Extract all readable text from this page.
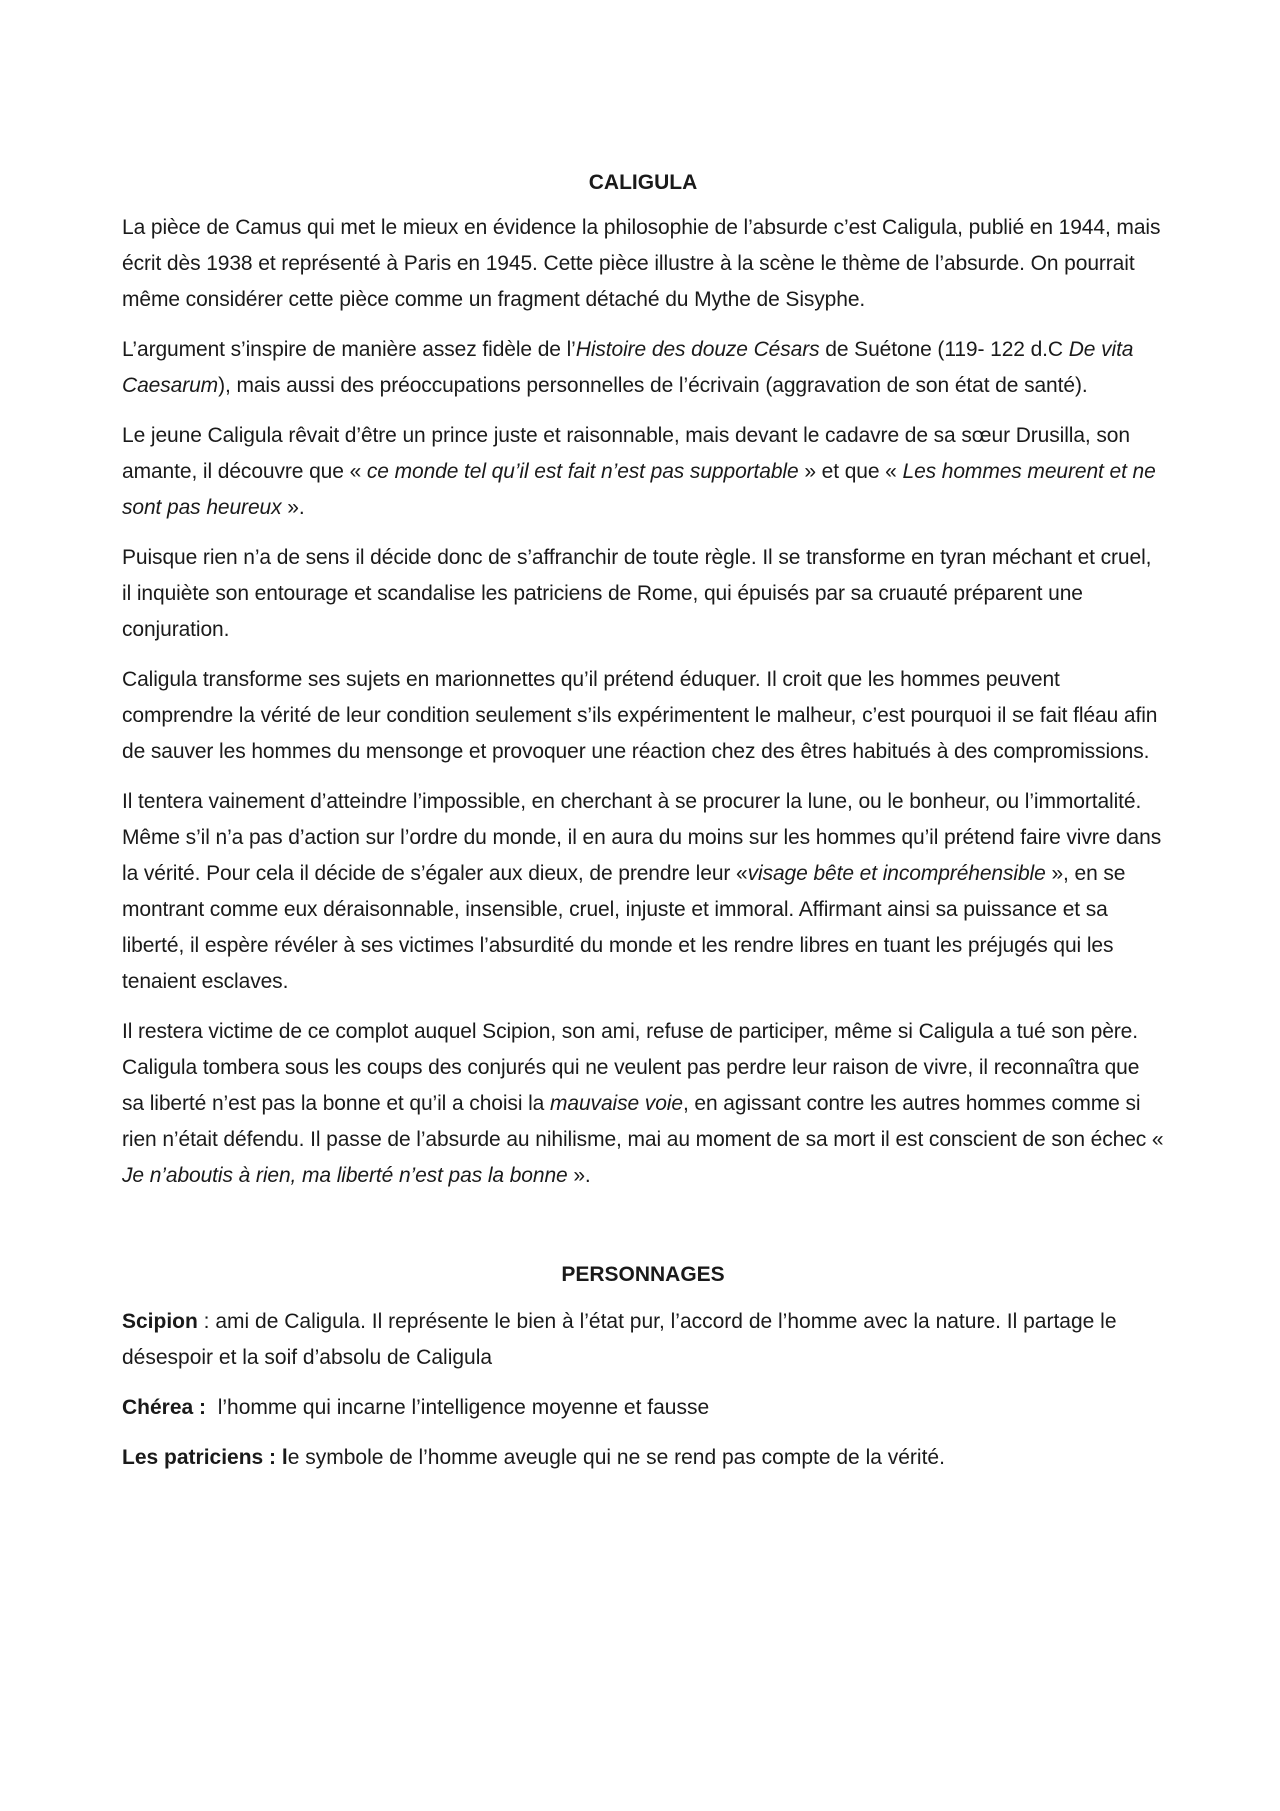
CALIGULA

La pièce de Camus qui met le mieux en évidence la philosophie de l’absurde c’est Caligula, publié en 1944, mais écrit dès 1938 et représenté à Paris en 1945. Cette pièce illustre à la scène le thème de l’absurde. On pourrait même considérer cette pièce comme un fragment détaché du Mythe de Sisyphe.

L’argument s’inspire de manière assez fidèle de l’Histoire des douze Césars de Suétone (119- 122 d.C De vita Caesarum), mais aussi des préoccupations personnelles de l’écrivain (aggravation de son état de santé).

Le jeune Caligula rêvait d’être un prince juste et raisonnable, mais devant le cadavre de sa sœur Drusilla, son amante, il découvre que « ce monde tel qu’il est fait n’est pas supportable » et que « Les hommes meurent et ne sont pas heureux ».

Puisque rien n’a de sens il décide donc de s’affranchir de toute règle. Il se transforme en tyran méchant et cruel, il inquiète son entourage et scandalise les patriciens de Rome, qui épuisés par sa cruauté préparent une conjuration.

Caligula transforme ses sujets en marionnettes qu’il prétend éduquer. Il croit que les hommes peuvent comprendre la vérité de leur condition seulement s’ils expérimentent le malheur, c’est pourquoi il se fait fléau afin de sauver les hommes du mensonge et provoquer une réaction chez des êtres habitués à des compromissions.

Il tentera vainement d’atteindre l’impossible, en cherchant à se procurer la lune, ou le bonheur, ou l’immortalité. Même s’il n’a pas d’action sur l’ordre du monde, il en aura du moins sur les hommes qu’il prétend faire vivre dans la vérité. Pour cela il décide de s’égaler aux dieux, de prendre leur «visage bête et incompréhensible », en se montrant comme eux déraisonnable, insensible, cruel, injuste et immoral. Affirmant ainsi sa puissance et sa liberté, il espère révéler à ses victimes l’absurdité du monde et les rendre libres en tuant les préjugés qui les tenaient esclaves.

Il restera victime de ce complot auquel Scipion, son ami, refuse de participer, même si Caligula a tué son père. Caligula tombera sous les coups des conjurés qui ne veulent pas perdre leur raison de vivre, il reconnaîtra que sa liberté n’est pas la bonne et qu’il a choisi la mauvaise voie, en agissant contre les autres hommes comme si rien n’était défendu. Il passe de l’absurde au nihilisme, mai au moment de sa mort il est conscient de son échec « Je n’aboutis à rien, ma liberté n’est pas la bonne ».

PERSONNAGES

Scipion : ami de Caligula. Il représente le bien à l’état pur, l’accord de l’homme avec la nature. Il partage le désespoir et la soif d’absolu de Caligula

Chérea : l’homme qui incarne l’intelligence moyenne et fausse

Les patriciens : le symbole de l’homme aveugle qui ne se rend pas compte de la vérité.
